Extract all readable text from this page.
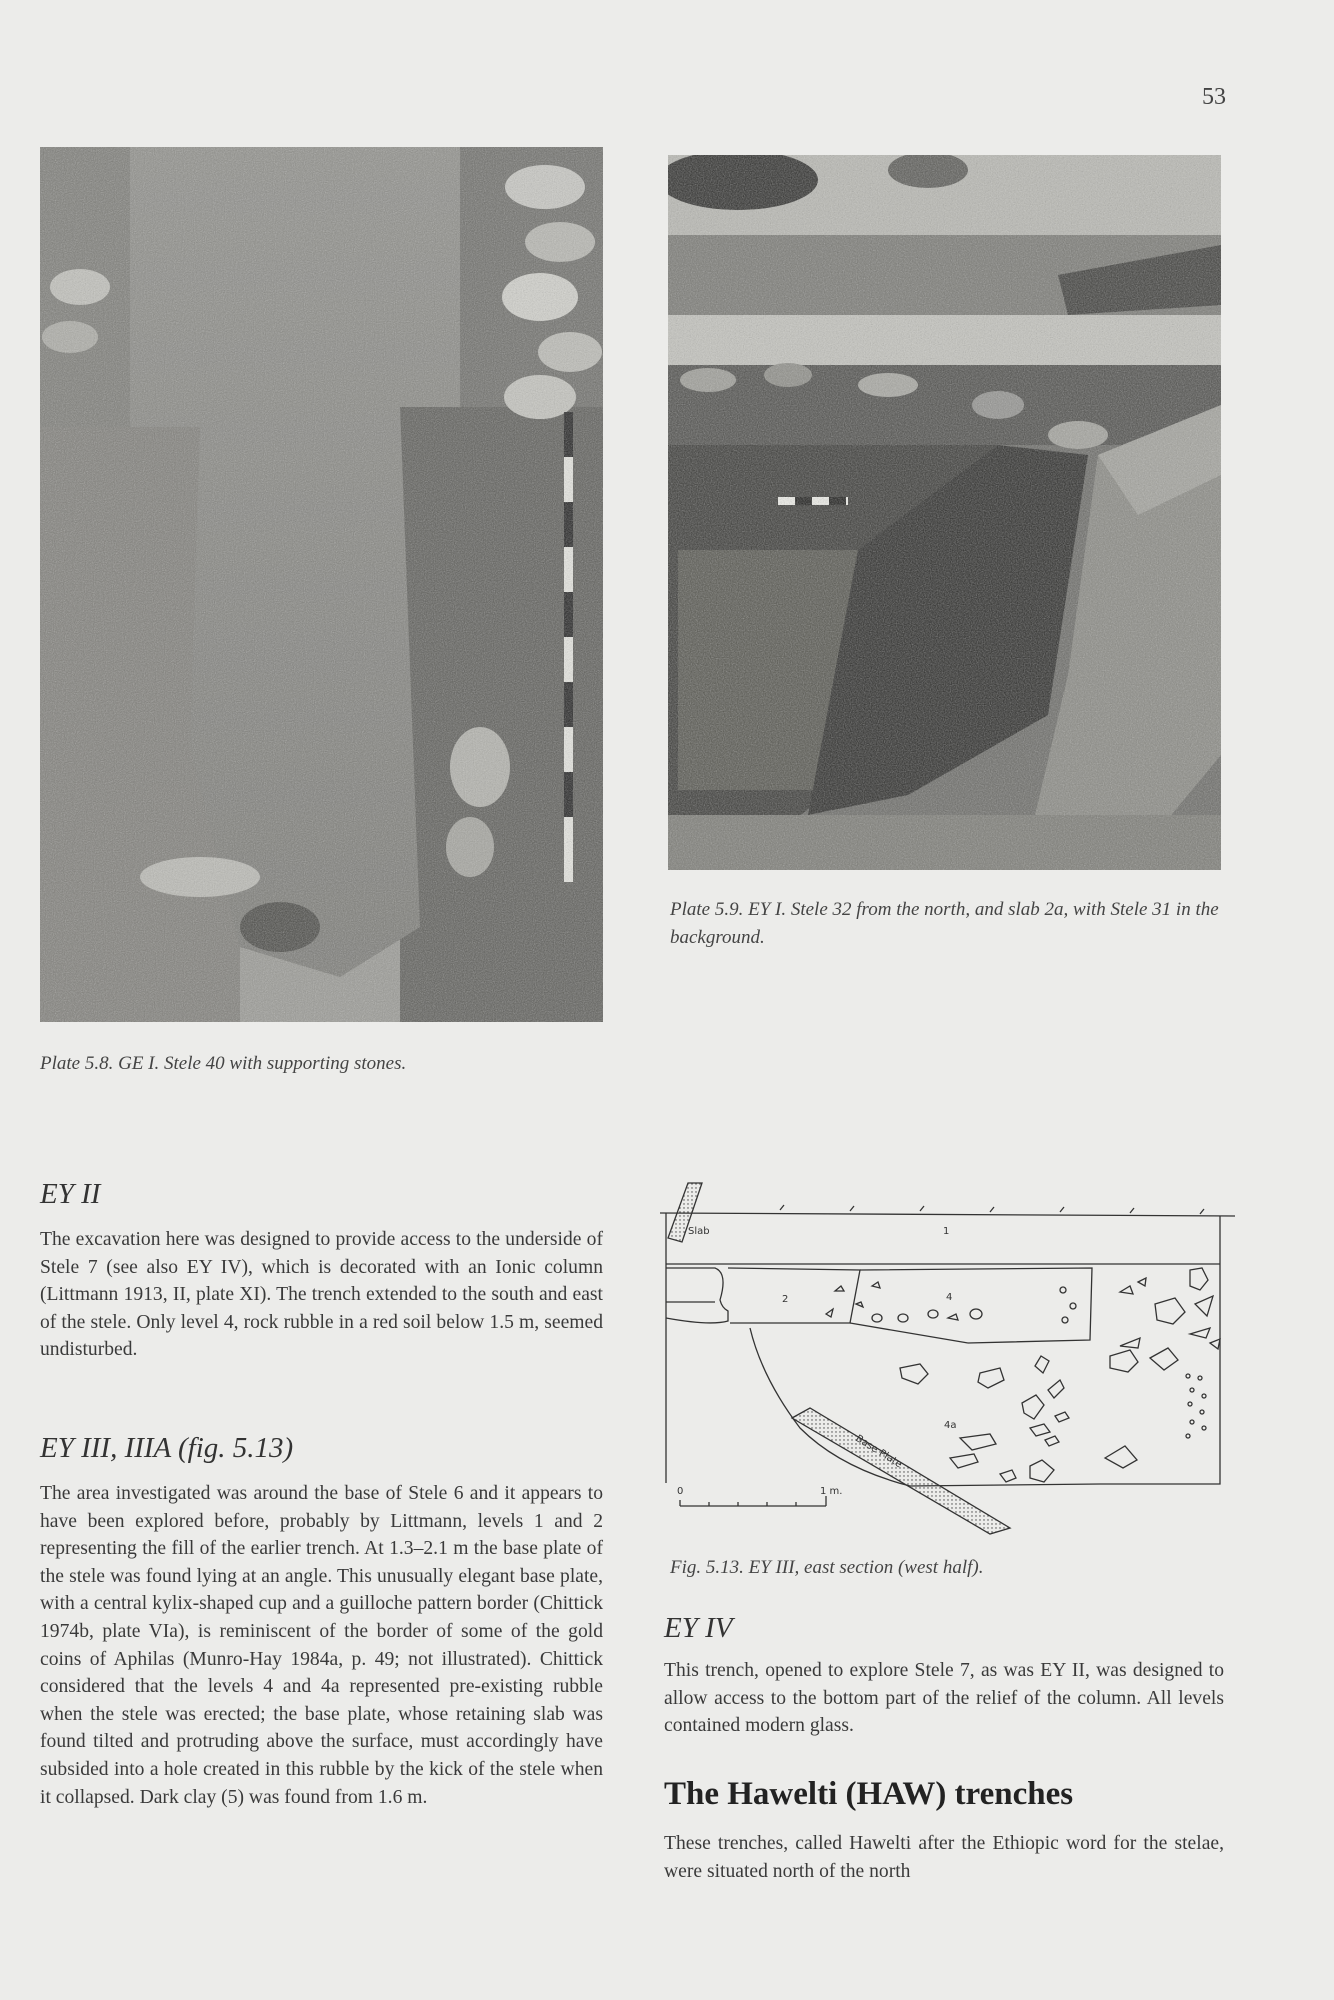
53
Plate 5.9. EY I. Stele 32 from the north, and slab 2a, with Stele 31 in the background.
Plate 5.8. GE I. Stele 40 with supporting stones.
EY II
The excavation here was designed to provide access to the underside of Stele 7 (see also EY IV), which is decorated with an Ionic column (Littmann 1913, II, plate XI). The trench extended to the south and east of the stele. Only level 4, rock rubble in a red soil below 1.5 m, seemed undisturbed.
EY III, IIIA (fig. 5.13)
The area investigated was around the base of Stele 6 and it appears to have been explored before, probably by Littmann, levels 1 and 2 representing the fill of the earlier trench. At 1.3–2.1 m the base plate of the stele was found lying at an angle. This unusually elegant base plate, with a central kylix-shaped cup and a guilloche pattern border (Chittick 1974b, plate VIa), is reminiscent of the border of some of the gold coins of Aphilas (Munro-Hay 1984a, p. 49; not illustrated). Chittick considered that the levels 4 and 4a represented pre-existing rubble when the stele was erected; the base plate, whose retaining slab was found tilted and protruding above the surface, must accordingly have subsided into a hole created in this rubble by the kick of the stele when it collapsed. Dark clay (5) was found from 1.6 m.
Slab	1
2	4
4a
Base Plate
0	1 m.
Fig. 5.13. EY III, east section (west half).
EY IV
This trench, opened to explore Stele 7, as was EY II, was designed to allow access to the bottom part of the relief of the column. All levels contained modern glass.
The Hawelti (HAW) trenches
These trenches, called Hawelti after the Ethiopic word for the stelae, were situated north of the north
